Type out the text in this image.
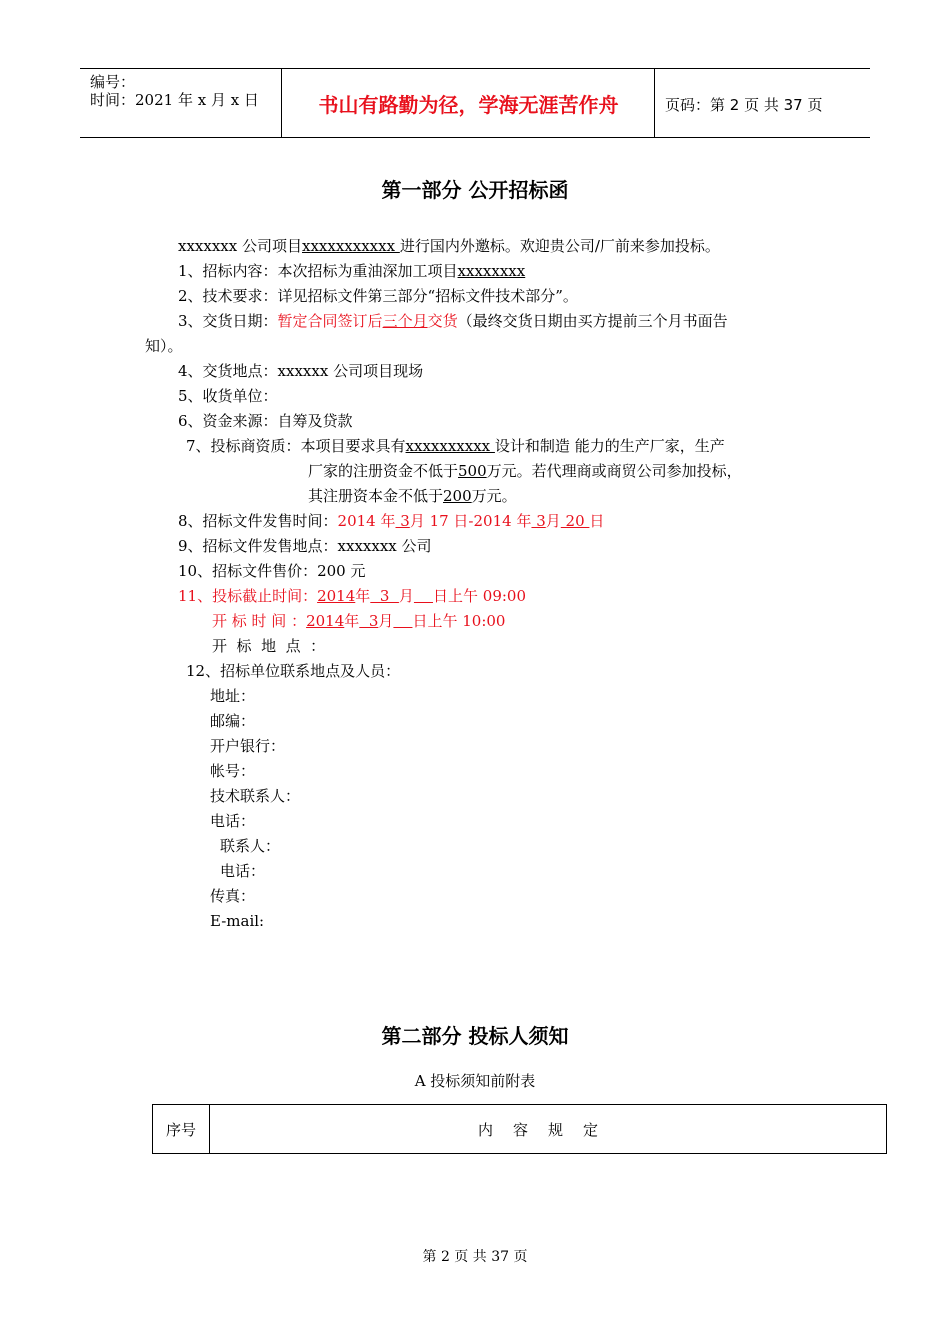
编号：
时间：2021 年 x 月 x 日	书山有路勤为径，学海无涯苦作舟	页码：第 2 页 共 37 页
第一部分 公开招标函
xxxxxxx 公司项目xxxxxxxxxxx 进行国内外邀标。欢迎贵公司/厂前来参加投标。
1、招标内容：本次招标为重油深加工项目xxxxxxxx
2、技术要求：详见招标文件第三部分“招标文件技术部分”。
3、交货日期：暂定合同签订后三个月交货（最终交货日期由买方提前三个月书面告
知）。
4、交货地点：xxxxxx 公司项目现场
5、收货单位：
6、资金来源：自筹及贷款
7、投标商资质：本项目要求具有xxxxxxxxxx 设计和制造 能力的生产厂家，生产
厂家的注册资金不低于500万元。若代理商或商贸公司参加投标，
其注册资本金不低于200万元。
8、招标文件发售时间：2014 年 3月 17 日-2014 年 3月 20 日
9、招标文件发售地点：xxxxxxx 公司
10、招标文件售价：200 元
11、投标截止时间：2014年  3  月 日上午 09:00
开 标 时 间 ：2014年  3月 日上午 10:00
开  标  地  点  ：
12、招标单位联系地点及人员：
地址：
邮编：
开户银行：
帐号：
技术联系人：
电话：
联系人：
电话：
传真：
E-mail:
第二部分 投标人须知
A 投标须知前附表
序号	内容规定
第 2 页 共 37 页
